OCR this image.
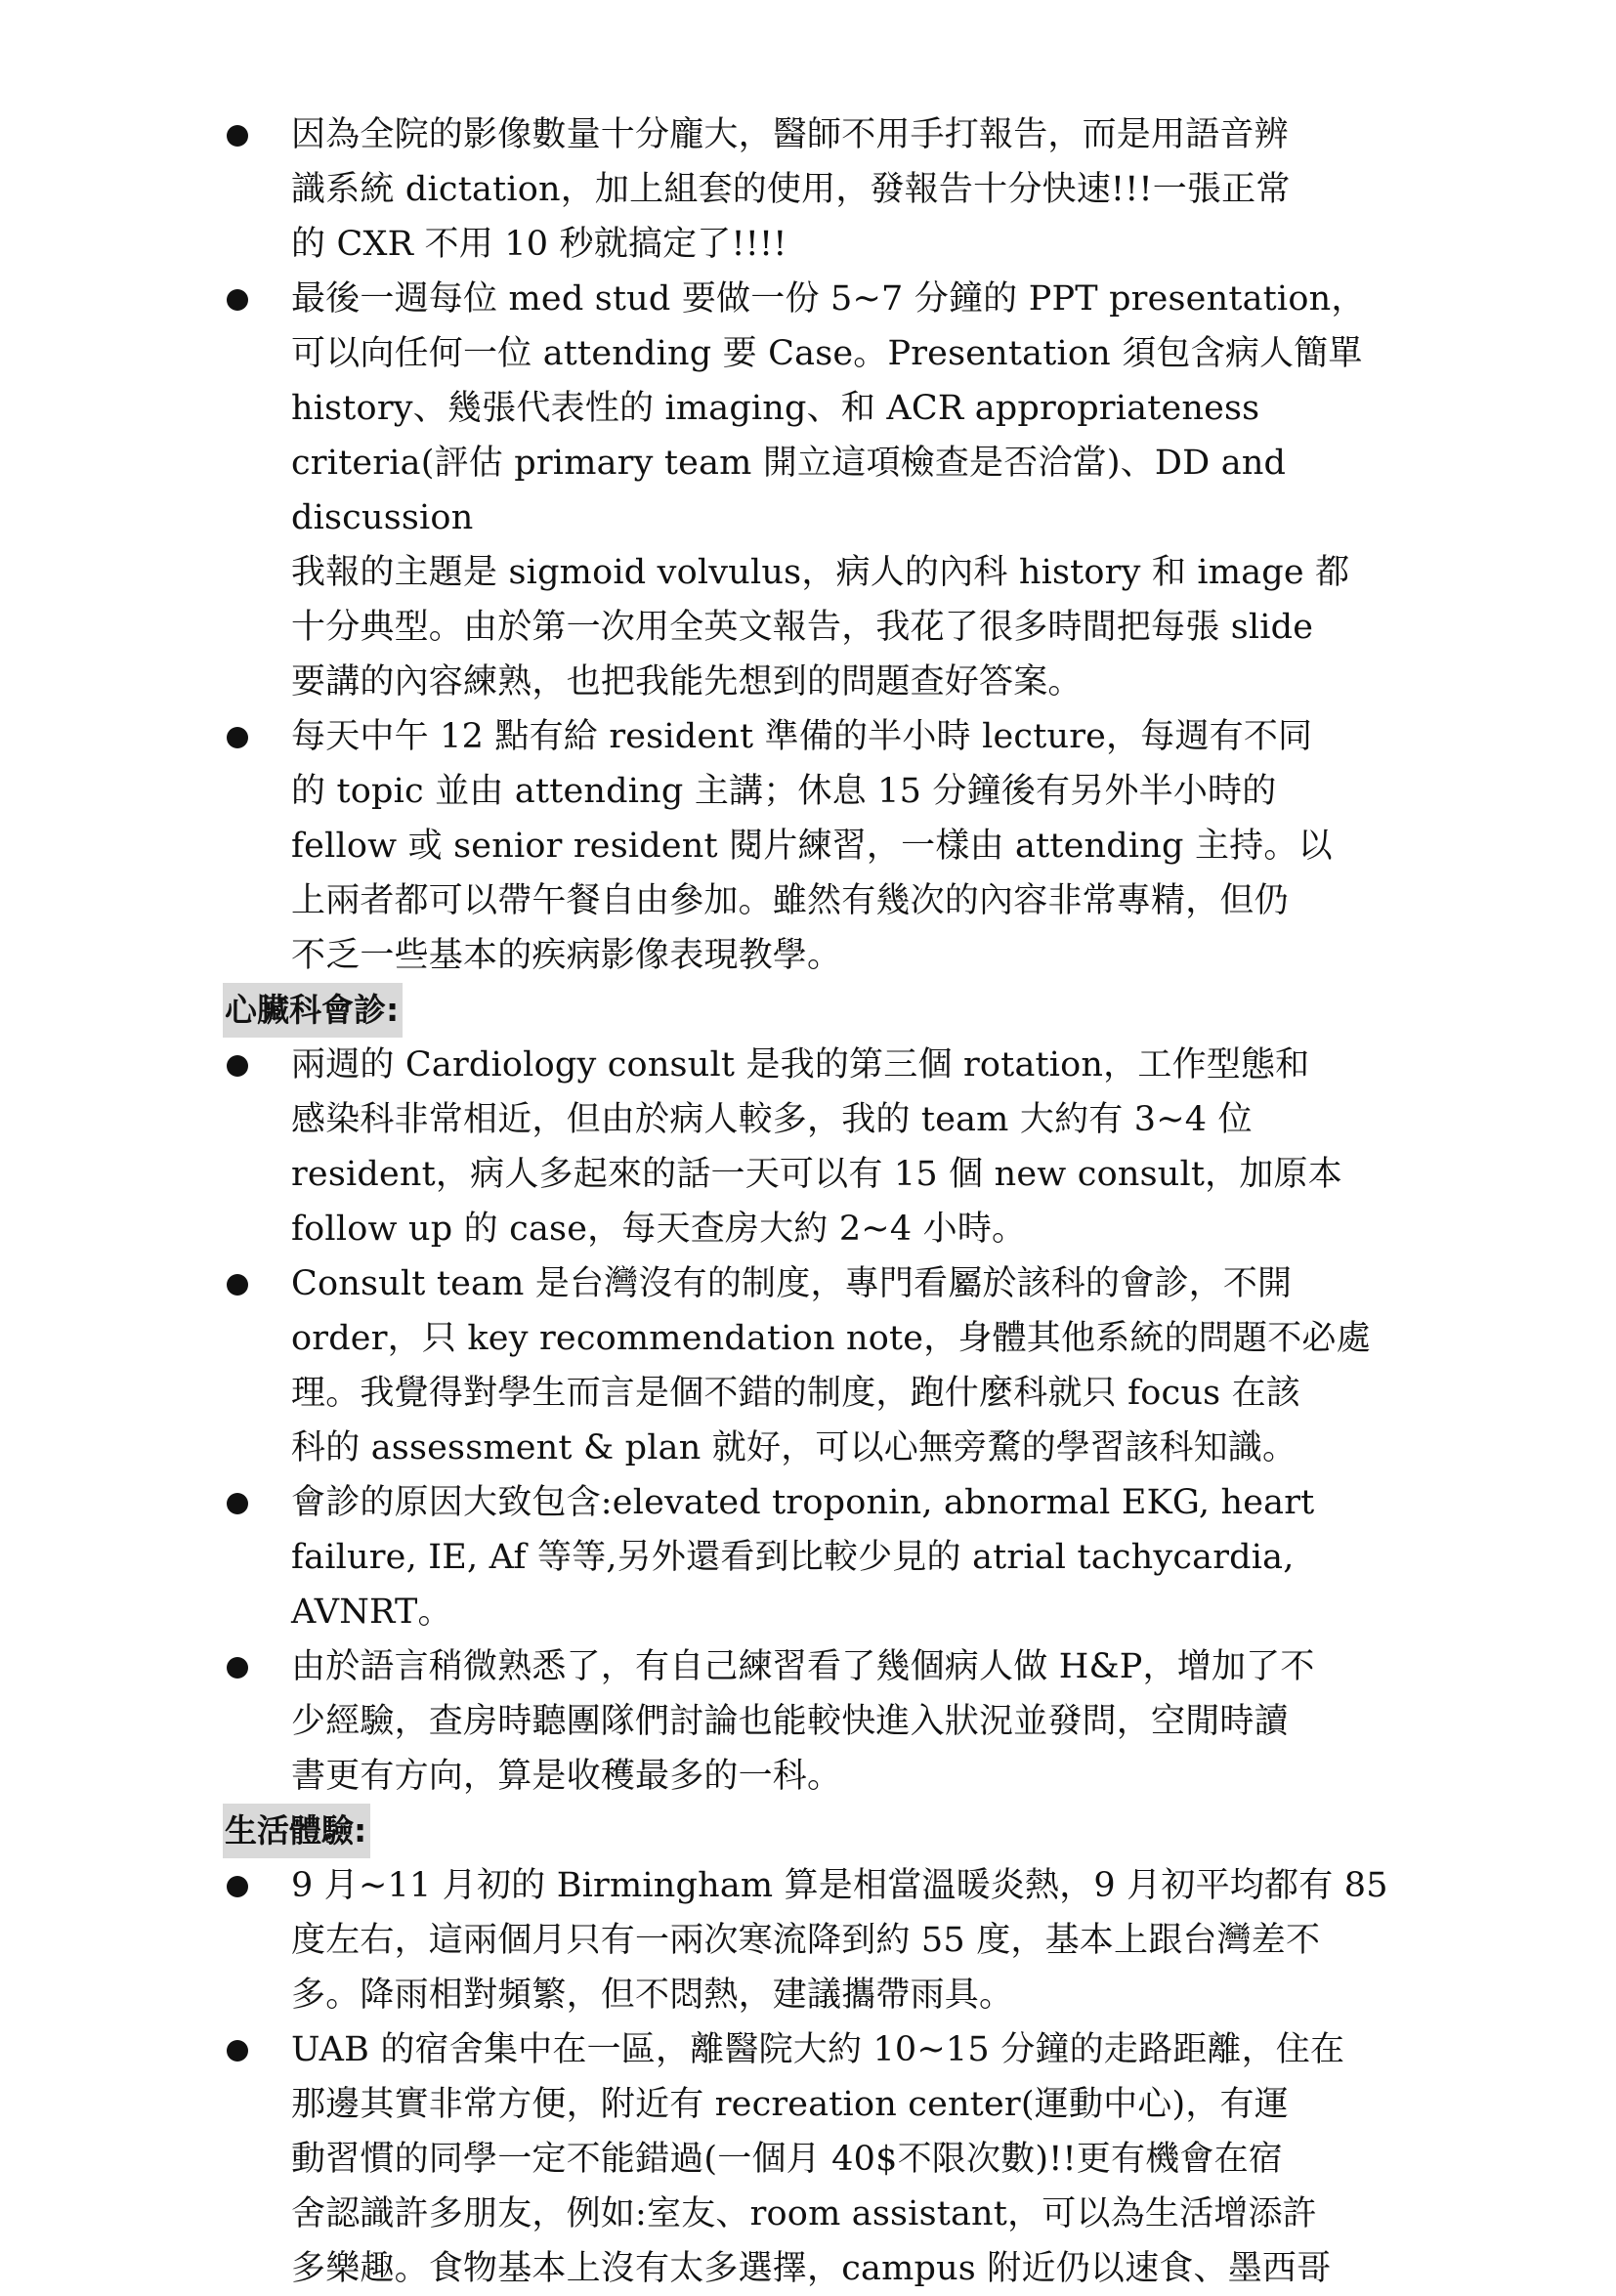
因為全院的影像數量十分龐大，醫師不用手打報告，而是用語音辨
識系統 dictation，加上組套的使用，發報告十分快速!!!一張正常
的 CXR 不用 10 秒就搞定了!!!!
最後一週每位 med stud 要做一份 5~7 分鐘的 PPT presentation，
可以向任何一位 attending 要 Case。Presentation 須包含病人簡單
history、幾張代表性的 imaging、和 ACR appropriateness
criteria(評估 primary team 開立這項檢查是否洽當)、DD and
discussion
我報的主題是 sigmoid volvulus，病人的內科 history 和 image 都
十分典型。由於第一次用全英文報告，我花了很多時間把每張 slide
要講的內容練熟，也把我能先想到的問題查好答案。
每天中午 12 點有給 resident 準備的半小時 lecture，每週有不同
的 topic 並由 attending 主講；休息 15 分鐘後有另外半小時的
fellow 或 senior resident 閱片練習，一樣由 attending 主持。以
上兩者都可以帶午餐自由參加。雖然有幾次的內容非常專精，但仍
不乏一些基本的疾病影像表現教學。
心臟科會診:
兩週的 Cardiology consult 是我的第三個 rotation，工作型態和
感染科非常相近，但由於病人較多，我的 team 大約有 3~4 位
resident，病人多起來的話一天可以有 15 個 new consult，加原本
follow up 的 case，每天查房大約 2~4 小時。
Consult team 是台灣沒有的制度，專門看屬於該科的會診，不開
order，只 key recommendation note，身體其他系統的問題不必處
理。我覺得對學生而言是個不錯的制度，跑什麼科就只 focus 在該
科的 assessment & plan 就好，可以心無旁騖的學習該科知識。
會診的原因大致包含:elevated troponin, abnormal EKG, heart
failure, IE, Af 等等,另外還看到比較少見的 atrial tachycardia,
AVNRT。
由於語言稍微熟悉了，有自己練習看了幾個病人做 H&P，增加了不
少經驗，查房時聽團隊們討論也能較快進入狀況並發問，空閒時讀
書更有方向，算是收穫最多的一科。
生活體驗:
9 月~11 月初的 Birmingham 算是相當溫暖炎熱，9 月初平均都有 85
度左右，這兩個月只有一兩次寒流降到約 55 度，基本上跟台灣差不
多。降雨相對頻繁，但不悶熱，建議攜帶雨具。
UAB 的宿舍集中在一區，離醫院大約 10~15 分鐘的走路距離，住在
那邊其實非常方便，附近有 recreation center(運動中心)，有運
動習慣的同學一定不能錯過(一個月 40$不限次數)!!更有機會在宿
舍認識許多朋友，例如:室友、room assistant，可以為生活增添許
多樂趣。食物基本上沒有太多選擇，campus 附近仍以速食、墨西哥
